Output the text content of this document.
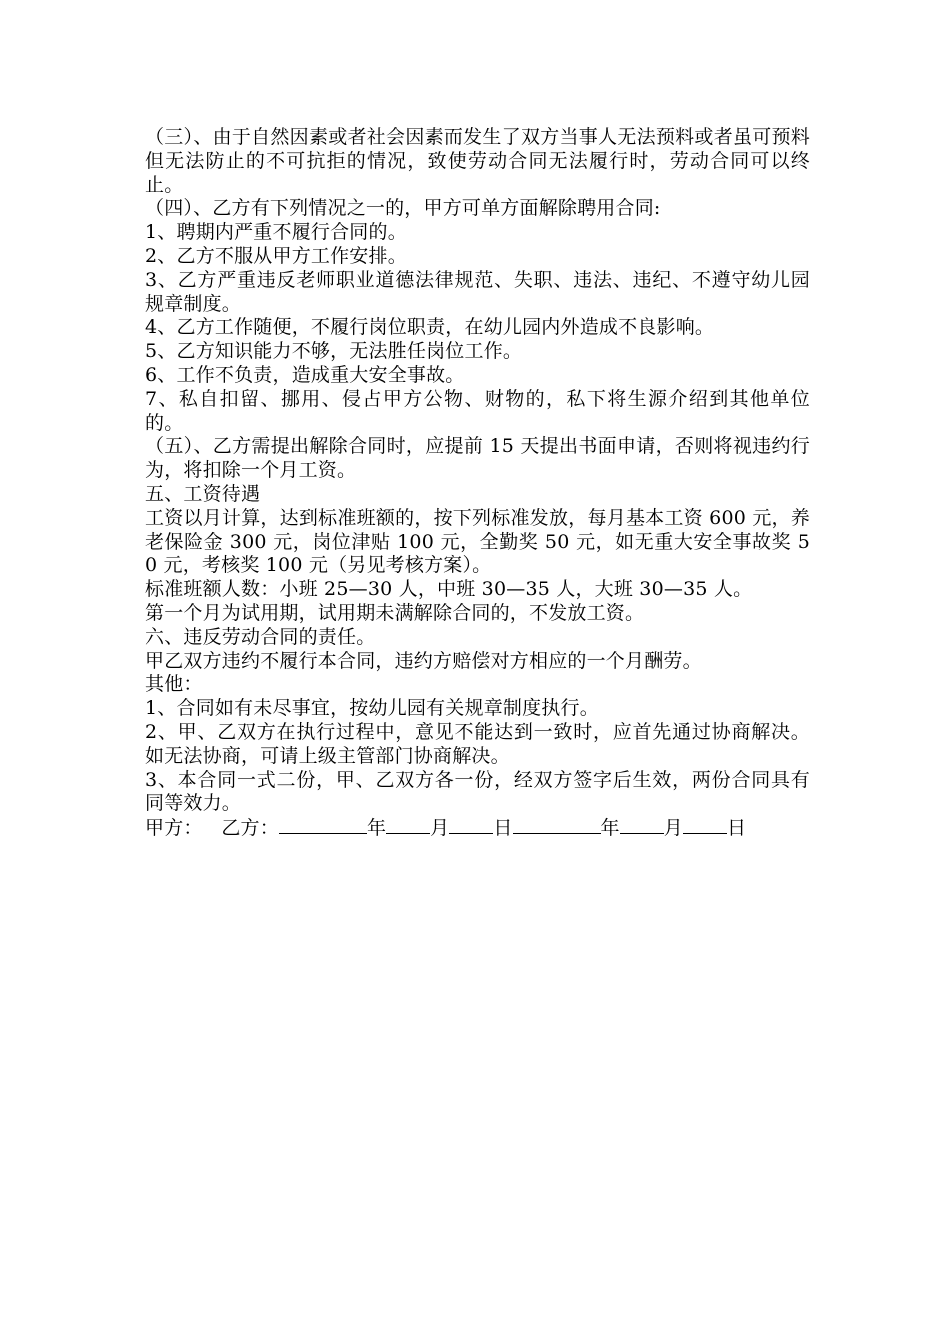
（三）、由于自然因素或者社会因素而发生了双方当事人无法预料或者虽可预料但无法防止的不可抗拒的情况，致使劳动合同无法履行时，劳动合同可以终止。

（四）、乙方有下列情况之一的，甲方可单方面解除聘用合同:

1、聘期内严重不履行合同的。

2、乙方不服从甲方工作安排。

3、乙方严重违反老师职业道德法律规范、失职、违法、违纪、不遵守幼儿园规章制度。

4、乙方工作随便，不履行岗位职责，在幼儿园内外造成不良影响。

5、乙方知识能力不够，无法胜任岗位工作。

6、工作不负责，造成重大安全事故。

7、私自扣留、挪用、侵占甲方公物、财物的，私下将生源介绍到其他单位的。

（五）、乙方需提出解除合同时，应提前 15 天提出书面申请，否则将视违约行为，将扣除一个月工资。

五、工资待遇

工资以月计算，达到标准班额的，按下列标准发放，每月基本工资 600 元，养老保险金 300 元，岗位津贴 100 元，全勤奖 50 元，如无重大安全事故奖 50 元，考核奖 100 元（另见考核方案）。

标准班额人数：小班 25—30 人，中班 30—35 人，大班 30—35 人。

第一个月为试用期，试用期未满解除合同的，不发放工资。

六、违反劳动合同的责任。

甲乙双方违约不履行本合同，违约方赔偿对方相应的一个月酬劳。

其他：

1、合同如有未尽事宜，按幼儿园有关规章制度执行。

2、甲、乙双方在执行过程中，意见不能达到一致时，应首先通过协商解决。如无法协商，可请上级主管部门协商解决。

3、本合同一式二份，甲、乙双方各一份，经双方签字后生效，两份合同具有同等效力。

甲方： 乙方：	年 月 日	年 月 日
